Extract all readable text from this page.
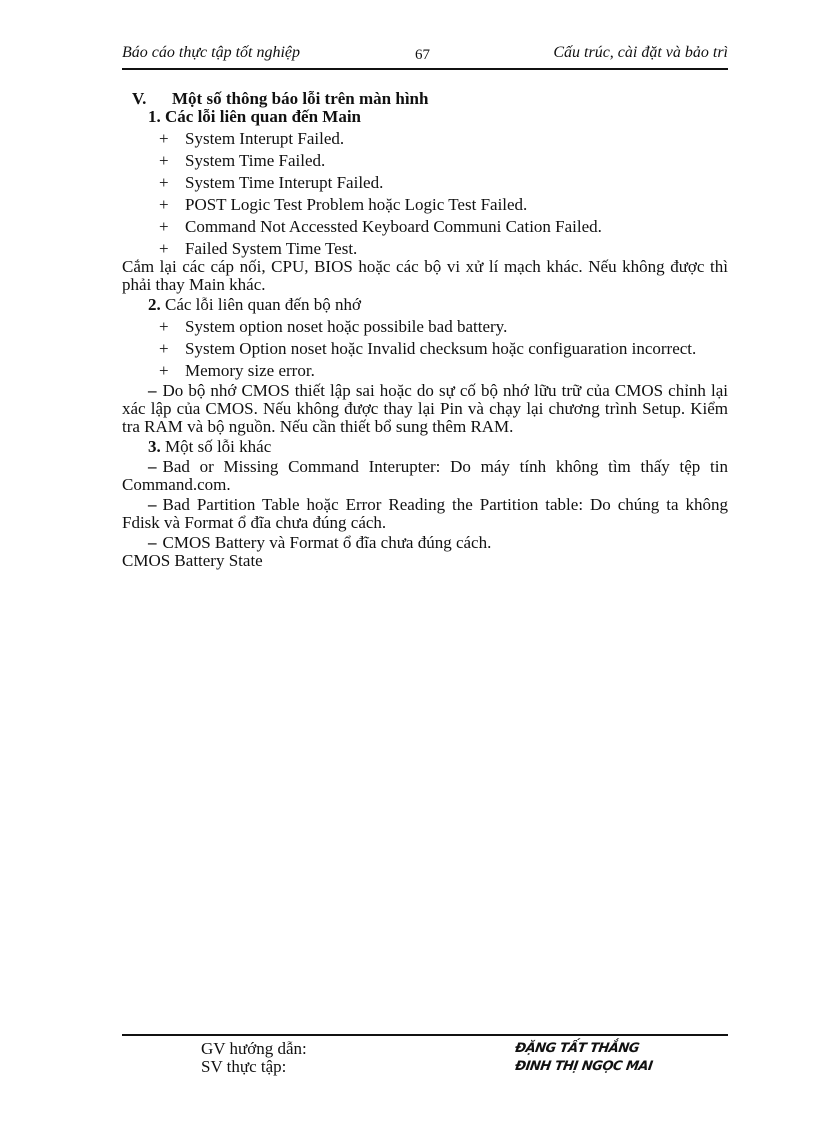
Báo cáo thực tập tốt nghiệp	67	Cấu trúc, cài đặt và bảo trì

V. Một số thông báo lỗi trên màn hình

1. Các lỗi liên quan đến Main

+ System Interupt Failed.

+ System Time Failed.

+ System Time Interupt Failed.

+ POST Logic Test Problem hoặc Logic Test Failed.

+ Command Not Accessted Keyboard Communi Cation Failed.

+ Failed System Time Test.

Cắm lại các cáp nối, CPU, BIOS hoặc các bộ vi xử lí mạch khác. Nếu không được thì phải thay Main khác.

2. Các lỗi liên quan đến bộ nhớ

+ System option noset hoặc possibile bad battery.

+ System Option noset hoặc Invalid checksum hoặc configuaration incorrect.

+ Memory size error.

– Do bộ nhớ CMOS thiết lập sai hoặc do sự cố bộ nhớ lữu trữ của CMOS chỉnh lại xác lập của CMOS. Nếu không được thay lại Pin và chạy lại chương trình Setup. Kiểm tra RAM và bộ nguồn. Nếu cần thiết bổ sung thêm RAM.

3. Một số lỗi khác

– Bad or Missing Command Interupter: Do máy tính không tìm thấy tệp tin Command.com.

– Bad Partition Table hoặc Error Reading the Partition table: Do chúng ta không Fdisk và Format ổ đĩa chưa đúng cách.

– CMOS Battery và Format ổ đĩa chưa đúng cách.

CMOS Battery State

GV hướng dẫn:	ĐẶNG TẤT THẮNG
SV thực tập:	ĐINH THỊ NGỌC MAI
